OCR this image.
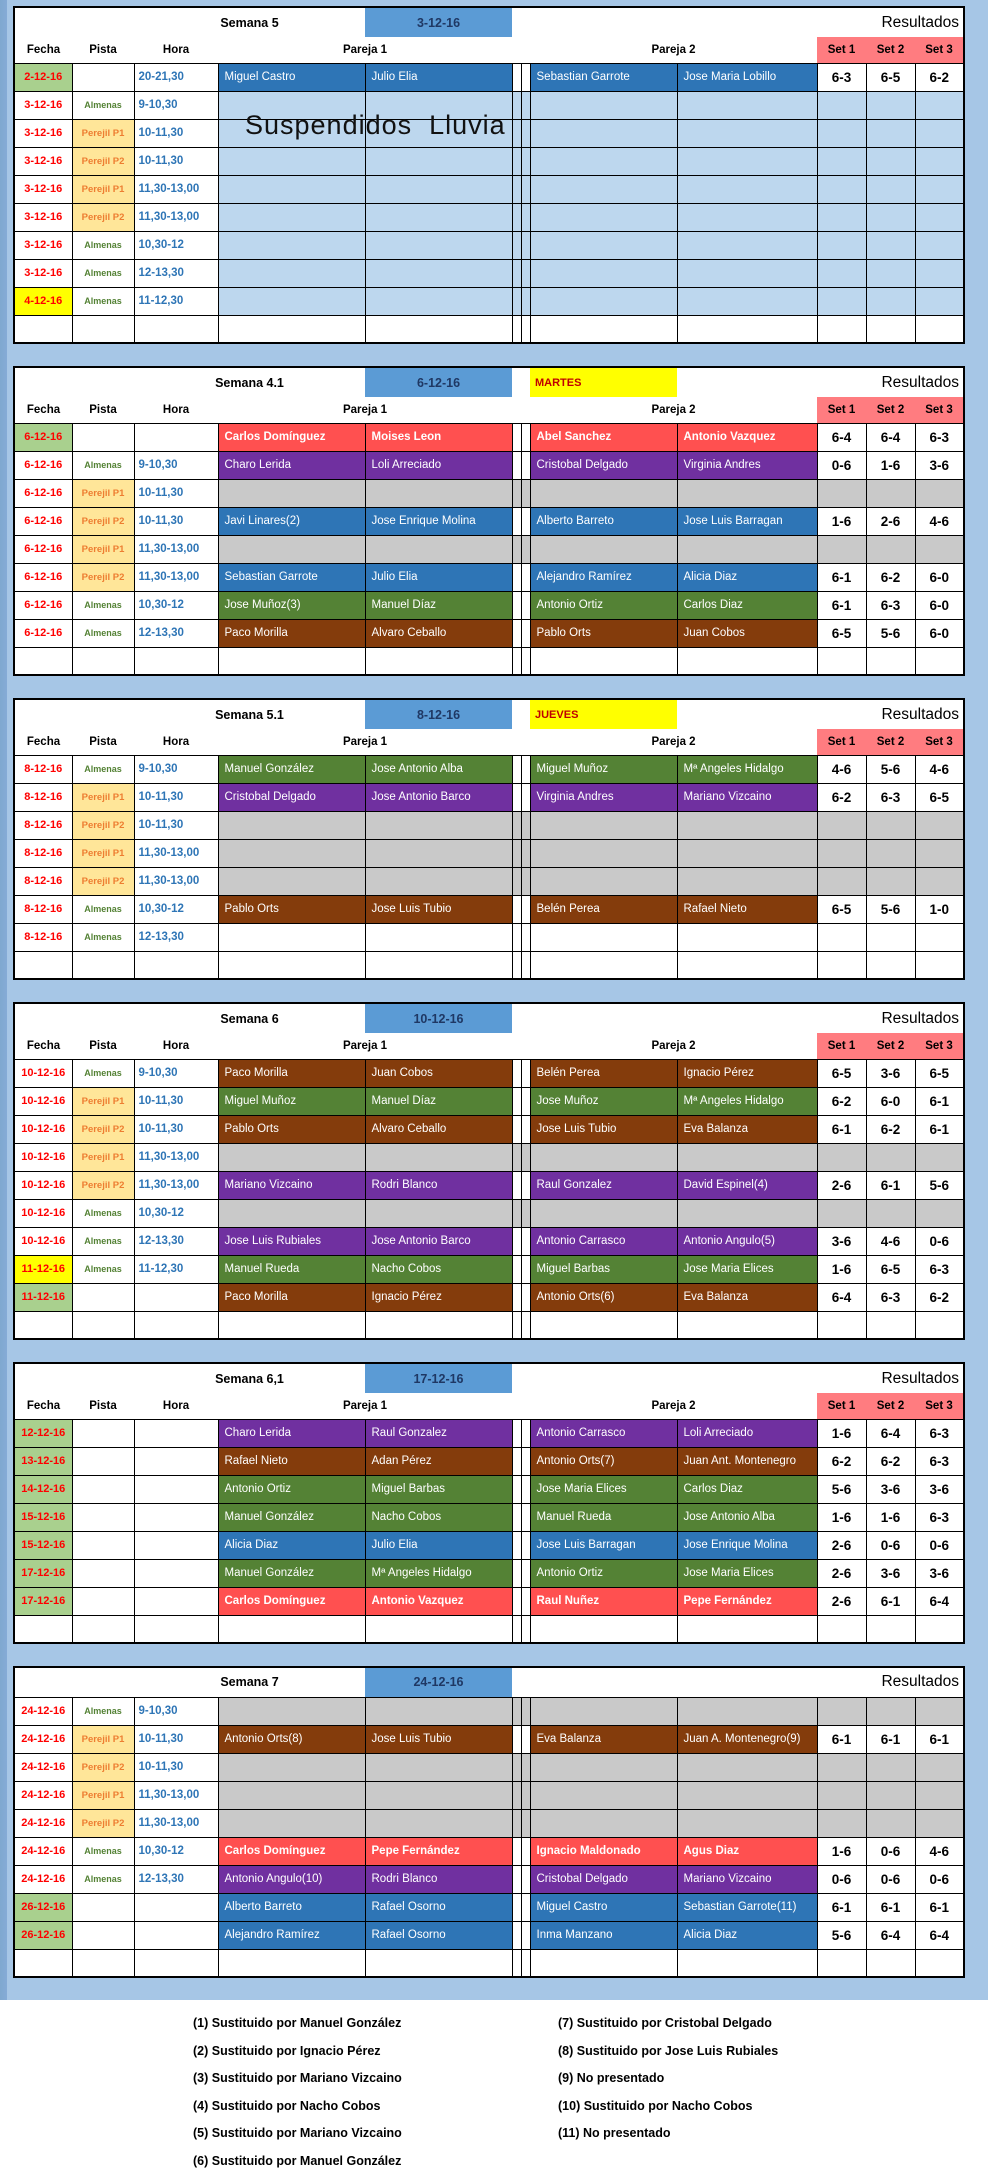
		Semana 5		3-12-16					Resultados		
Fecha	Pista	Hora	Pareja 1				Pareja 2		Set 1	Set 2	Set 3
2-12-16		20-21,30	Miguel Castro	Julio Elia			Sebastian Garrote	Jose Maria Lobillo	6-3	6-5	6-2
3-12-16	Almenas	9-10,30									
3-12-16	Perejil P1	10-11,30									
3-12-16	Perejil P2	10-11,30									
3-12-16	Perejil P1	11,30-13,00									
3-12-16	Perejil P2	11,30-13,00									
3-12-16	Almenas	10,30-12									
3-12-16	Almenas	12-13,30									
4-12-16	Almenas	11-12,30									

Suspendidos  Lluvia
		Semana 4.1		6-12-16			MARTES		Resultados		
Fecha	Pista	Hora	Pareja 1				Pareja 2		Set 1	Set 2	Set 3
6-12-16			Carlos Domínguez	Moises Leon			Abel Sanchez	Antonio Vazquez	6-4	6-4	6-3
6-12-16	Almenas	9-10,30	Charo Lerida	Loli Arreciado			Cristobal Delgado	Virginia Andres	0-6	1-6	3-6
6-12-16	Perejil P1	10-11,30									
6-12-16	Perejil P2	10-11,30	Javi Linares(2)	Jose Enrique Molina			Alberto Barreto	Jose Luis Barragan	1-6	2-6	4-6
6-12-16	Perejil P1	11,30-13,00									
6-12-16	Perejil P2	11,30-13,00	Sebastian Garrote	Julio Elia			Alejandro Ramírez	Alicia Diaz	6-1	6-2	6-0
6-12-16	Almenas	10,30-12	Jose Muñoz(3)	Manuel Díaz			Antonio Ortiz	Carlos Diaz	6-1	6-3	6-0
6-12-16	Almenas	12-13,30	Paco Morilla	Alvaro Ceballo			Pablo Orts	Juan Cobos	6-5	5-6	6-0

		Semana 5.1		8-12-16			JUEVES		Resultados		
Fecha	Pista	Hora	Pareja 1				Pareja 2		Set 1	Set 2	Set 3
8-12-16	Almenas	9-10,30	Manuel González	Jose Antonio Alba			Miguel Muñoz	Mª Angeles Hidalgo	4-6	5-6	4-6
8-12-16	Perejil P1	10-11,30	Cristobal Delgado	Jose Antonio Barco			Virginia Andres	Mariano Vizcaino	6-2	6-3	6-5
8-12-16	Perejil P2	10-11,30									
8-12-16	Perejil P1	11,30-13,00									
8-12-16	Perejil P2	11,30-13,00									
8-12-16	Almenas	10,30-12	Pablo Orts	Jose Luis Tubio			Belén Perea	Rafael Nieto	6-5	5-6	1-0
8-12-16	Almenas	12-13,30									

		Semana 6		10-12-16					Resultados		
Fecha	Pista	Hora	Pareja 1				Pareja 2		Set 1	Set 2	Set 3
10-12-16	Almenas	9-10,30	Paco Morilla	Juan Cobos			Belén Perea	Ignacio Pérez	6-5	3-6	6-5
10-12-16	Perejil P1	10-11,30	Miguel Muñoz	Manuel Díaz			Jose Muñoz	Mª Angeles Hidalgo	6-2	6-0	6-1
10-12-16	Perejil P2	10-11,30	Pablo Orts	Alvaro Ceballo			Jose Luis Tubio	Eva Balanza	6-1	6-2	6-1
10-12-16	Perejil P1	11,30-13,00									
10-12-16	Perejil P2	11,30-13,00	Mariano Vizcaino	Rodri Blanco			Raul Gonzalez	David Espinel(4)	2-6	6-1	5-6
10-12-16	Almenas	10,30-12									
10-12-16	Almenas	12-13,30	Jose Luis Rubiales	Jose Antonio Barco			Antonio Carrasco	Antonio Angulo(5)	3-6	4-6	0-6
11-12-16	Almenas	11-12,30	Manuel Rueda	Nacho Cobos			Miguel Barbas	Jose Maria Elices	1-6	6-5	6-3
11-12-16			Paco Morilla	Ignacio Pérez			Antonio Orts(6)	Eva Balanza	6-4	6-3	6-2

		Semana 6,1		17-12-16					Resultados		
Fecha	Pista	Hora	Pareja 1				Pareja 2		Set 1	Set 2	Set 3
12-12-16			Charo Lerida	Raul Gonzalez			Antonio Carrasco	Loli Arreciado	1-6	6-4	6-3
13-12-16			Rafael Nieto	Adan Pérez			Antonio Orts(7)	Juan Ant. Montenegro	6-2	6-2	6-3
14-12-16			Antonio Ortiz	Miguel Barbas			Jose Maria Elices	Carlos Diaz	5-6	3-6	3-6
15-12-16			Manuel González	Nacho Cobos			Manuel Rueda	Jose Antonio Alba	1-6	1-6	6-3
15-12-16			Alicia Diaz	Julio Elia			Jose Luis Barragan	Jose Enrique Molina	2-6	0-6	0-6
17-12-16			Manuel González	Mª Angeles Hidalgo			Antonio Ortiz	Jose Maria Elices	2-6	3-6	3-6
17-12-16			Carlos Domínguez	Antonio Vazquez			Raul Nuñez	Pepe Fernández	2-6	6-1	6-4

		Semana 7		24-12-16					Resultados		
24-12-16	Almenas	9-10,30									
24-12-16	Perejil P1	10-11,30	Antonio Orts(8)	Jose Luis Tubio			Eva Balanza	Juan A. Montenegro(9)	6-1	6-1	6-1
24-12-16	Perejil P2	10-11,30									
24-12-16	Perejil P1	11,30-13,00									
24-12-16	Perejil P2	11,30-13,00									
24-12-16	Almenas	10,30-12	Carlos Domínguez	Pepe Fernández			Ignacio Maldonado	Agus Diaz	1-6	0-6	4-6
24-12-16	Almenas	12-13,30	Antonio Angulo(10)	Rodri Blanco			Cristobal Delgado	Mariano Vizcaino	0-6	0-6	0-6
26-12-16			Alberto Barreto	Rafael Osorno			Miguel Castro	Sebastian Garrote(11)	6-1	6-1	6-1
26-12-16			Alejandro Ramírez	Rafael Osorno			Inma Manzano	Alicia Diaz	5-6	6-4	6-4

(1) Sustituido por Manuel González
(2) Sustituido por Ignacio Pérez
(3) Sustituido por Mariano Vizcaino
(4) Sustituido por Nacho Cobos
(5) Sustituido por Mariano Vizcaino
(6) Sustituido por Manuel González
(7) Sustituido por Cristobal Delgado
(8) Sustituido por Jose Luis Rubiales
(9) No presentado
(10) Sustituido por Nacho Cobos
(11) No presentado
